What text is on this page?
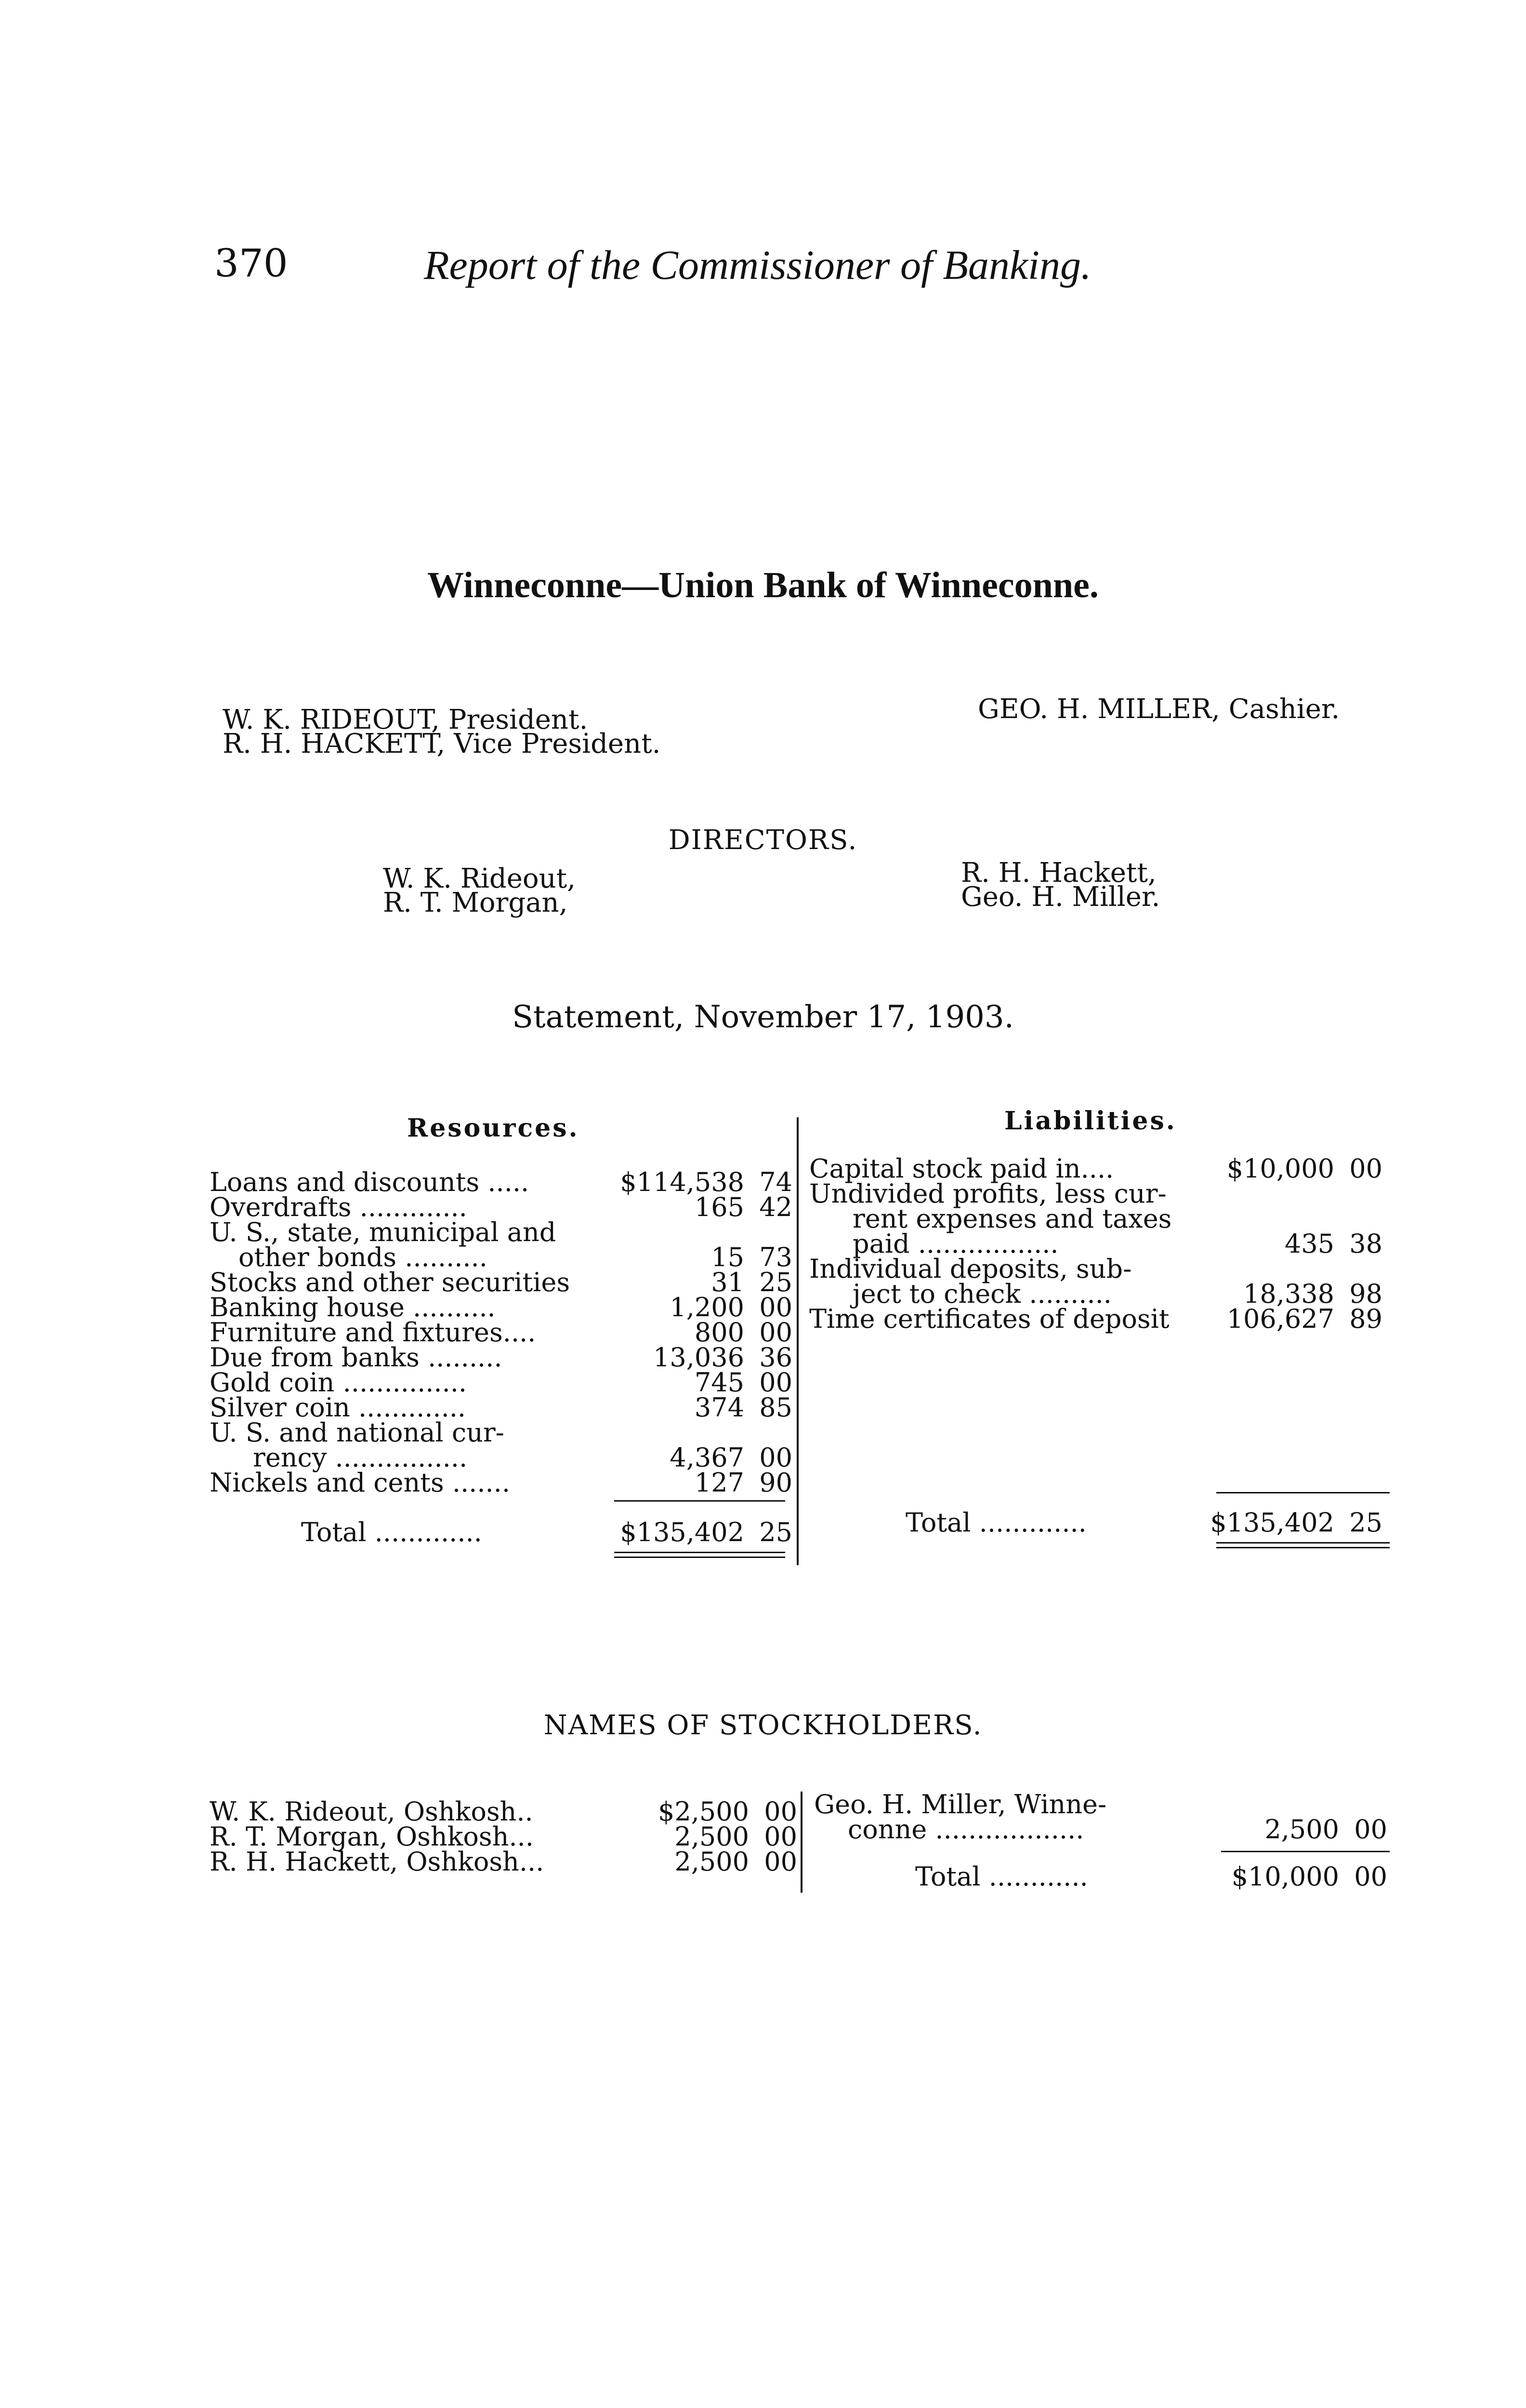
370	Report of the Commissioner of Banking.
Winneconne—Union Bank of Winneconne.
W. K. RIDEOUT, President.
R. H. HACKETT, Vice President.
GEO. H. MILLER, Cashier.
DIRECTORS.
W. K. Rideout,
R. T. Morgan,
R. H. Hackett,
Geo. H. Miller.
Statement, November 17, 1903.
Resources.	Liabilities.
Loans and discounts .....	$114,538 74
Overdrafts .............	165 42
U. S., state, municipal and
other bonds ..........	15 73
Stocks and other securities	31 25
Banking house ..........	1,200 00
Furniture and fixtures....	800 00
Due from banks .........	13,036 36
Gold coin ...............	745 00
Silver coin .............	374 85
U. S. and national cur-
rency ................	4,367 00
Nickels and cents .......	127 90
Total .............	$135,402 25
Capital stock paid in....	$10,000 00
Undivided profits, less cur-
rent expenses and taxes
paid .................	435 38
Individual deposits, sub-
ject to check ..........	18,338 98
Time certificates of deposit	106,627 89
Total .............	$135,402 25
NAMES OF STOCKHOLDERS.
W. K. Rideout, Oshkosh..	$2,500 00
R. T. Morgan, Oshkosh...	2,500 00
R. H. Hackett, Oshkosh...	2,500 00
Geo. H. Miller, Winne-
conne ..................	2,500 00
Total ............	$10,000 00
